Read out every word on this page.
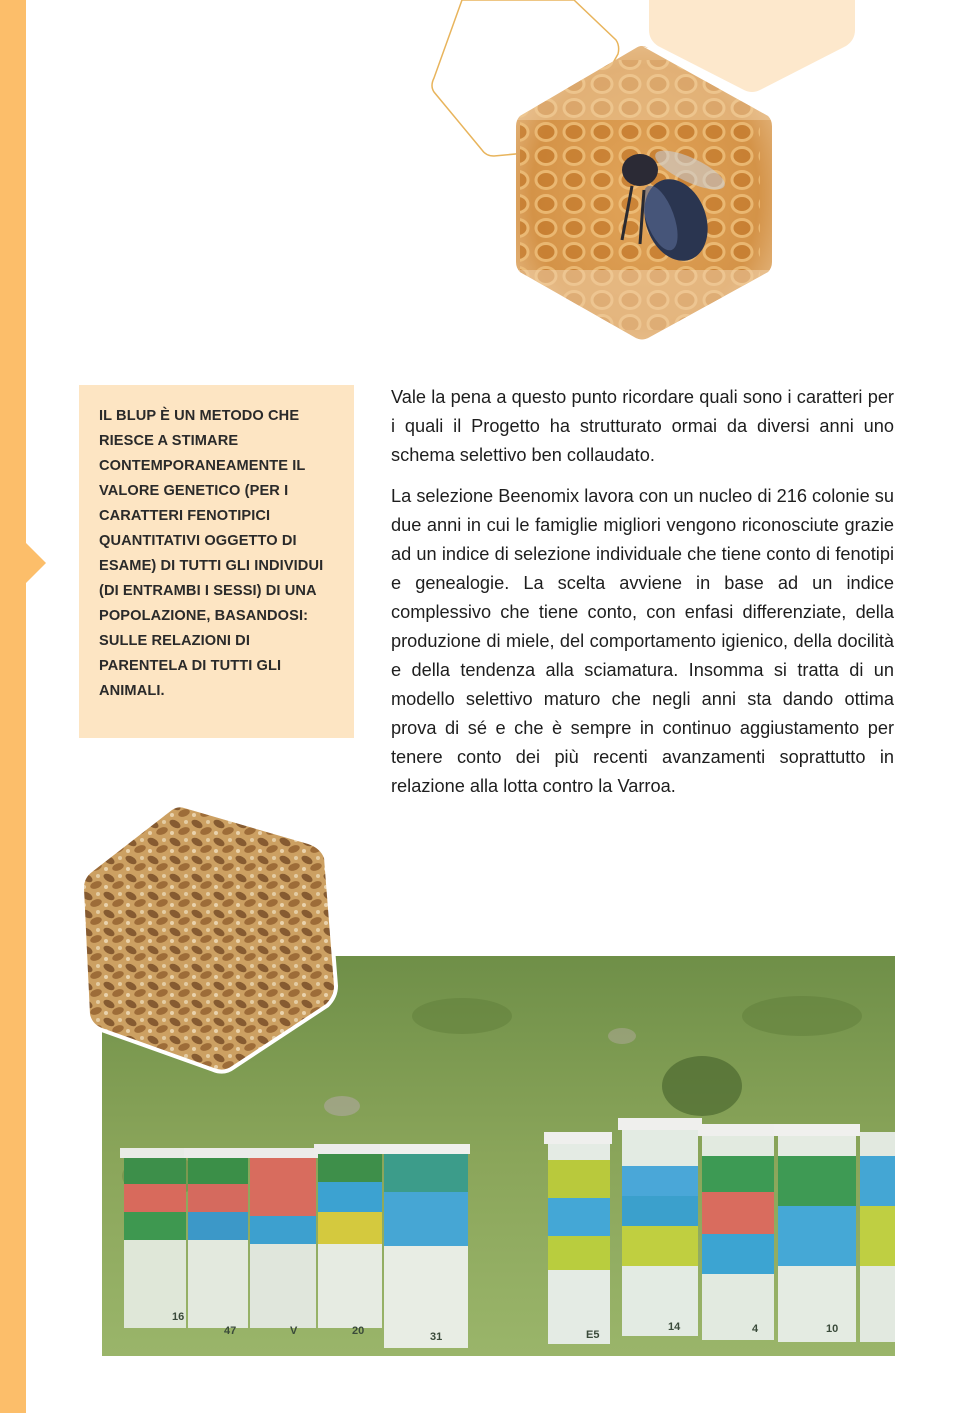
IL BLUP È UN METODO CHE RIESCE A STIMARE CONTEMPORANEAMENTE IL VALORE GENETICO (PER I CARATTERI FENOTIPICI QUANTITATIVI OGGETTO DI ESAME) DI TUTTI GLI INDIVIDUI (DI ENTRAMBI I SESSI) DI UNA POPOLAZIONE, BASANDOSI: SULLE RELAZIONI DI PARENTELA DI TUTTI GLI ANIMALI.

Vale la pena a questo punto ricordare quali sono i caratteri per i quali il Progetto ha strutturato ormai da diversi anni uno schema selettivo ben collaudato.

La selezione Beenomix lavora con un nucleo di 216 colonie su due anni in cui le famiglie migliori vengono riconosciute grazie ad un indice di selezione individuale che tiene conto di fenotipi e genealogie. La scelta avviene in base ad un indice complessivo che tiene conto, con enfasi differenziate, della produzione di miele, del comportamento igienico, della docilità e della tendenza alla sciamatura. Insomma si tratta di un modello selettivo maturo che negli anni sta dando ottima prova di sé e che è sempre in continuo aggiustamento per tenere conto dei più recenti avanzamenti soprattutto in relazione alla lotta contro la Varroa.

16
47	V	20	31	E5
14	4	10
